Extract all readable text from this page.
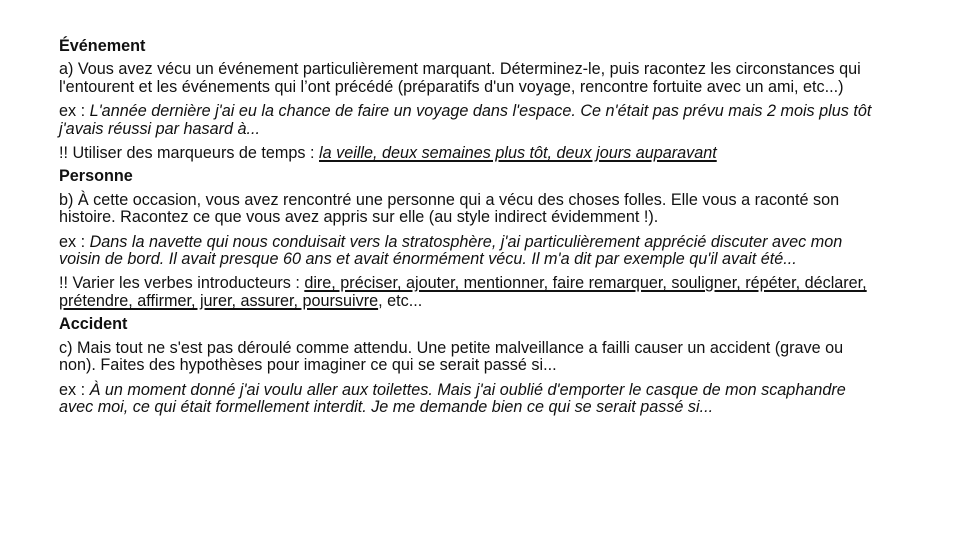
Événement
a) Vous avez vécu un événement particulièrement marquant. Déterminez-le, puis racontez les circonstances qui l'entourent et les événements qui l’ont précédé (préparatifs d'un voyage, rencontre fortuite avec un ami, etc...)
ex : L'année dernière j'ai eu la chance de faire un voyage dans l'espace. Ce n'était pas prévu mais 2 mois plus tôt j'avais réussi par hasard à...
!! Utiliser des marqueurs de temps : la veille, deux semaines plus tôt, deux jours auparavant
Personne
b) À cette occasion, vous avez rencontré une personne qui a vécu des choses folles. Elle vous a raconté son histoire. Racontez ce que vous avez appris sur elle (au style indirect évidemment !).
ex : Dans la navette qui nous conduisait vers la stratosphère, j'ai particulièrement apprécié discuter avec mon voisin de bord. Il avait presque 60 ans et avait énormément vécu. Il m'a dit par exemple qu'il avait été...
!! Varier les verbes introducteurs : dire, préciser, ajouter, mentionner, faire remarquer, souligner, répéter, déclarer, prétendre, affirmer, jurer, assurer, poursuivre, etc...
Accident
c) Mais tout ne s'est pas déroulé comme attendu. Une petite malveillance a failli causer un accident (grave ou non). Faites des hypothèses pour imaginer ce qui se serait passé si...
ex : À un moment donné j'ai voulu aller aux toilettes. Mais j'ai oublié d'emporter le casque de mon scaphandre avec moi, ce qui était formellement interdit. Je me demande bien ce qui se serait passé si...
